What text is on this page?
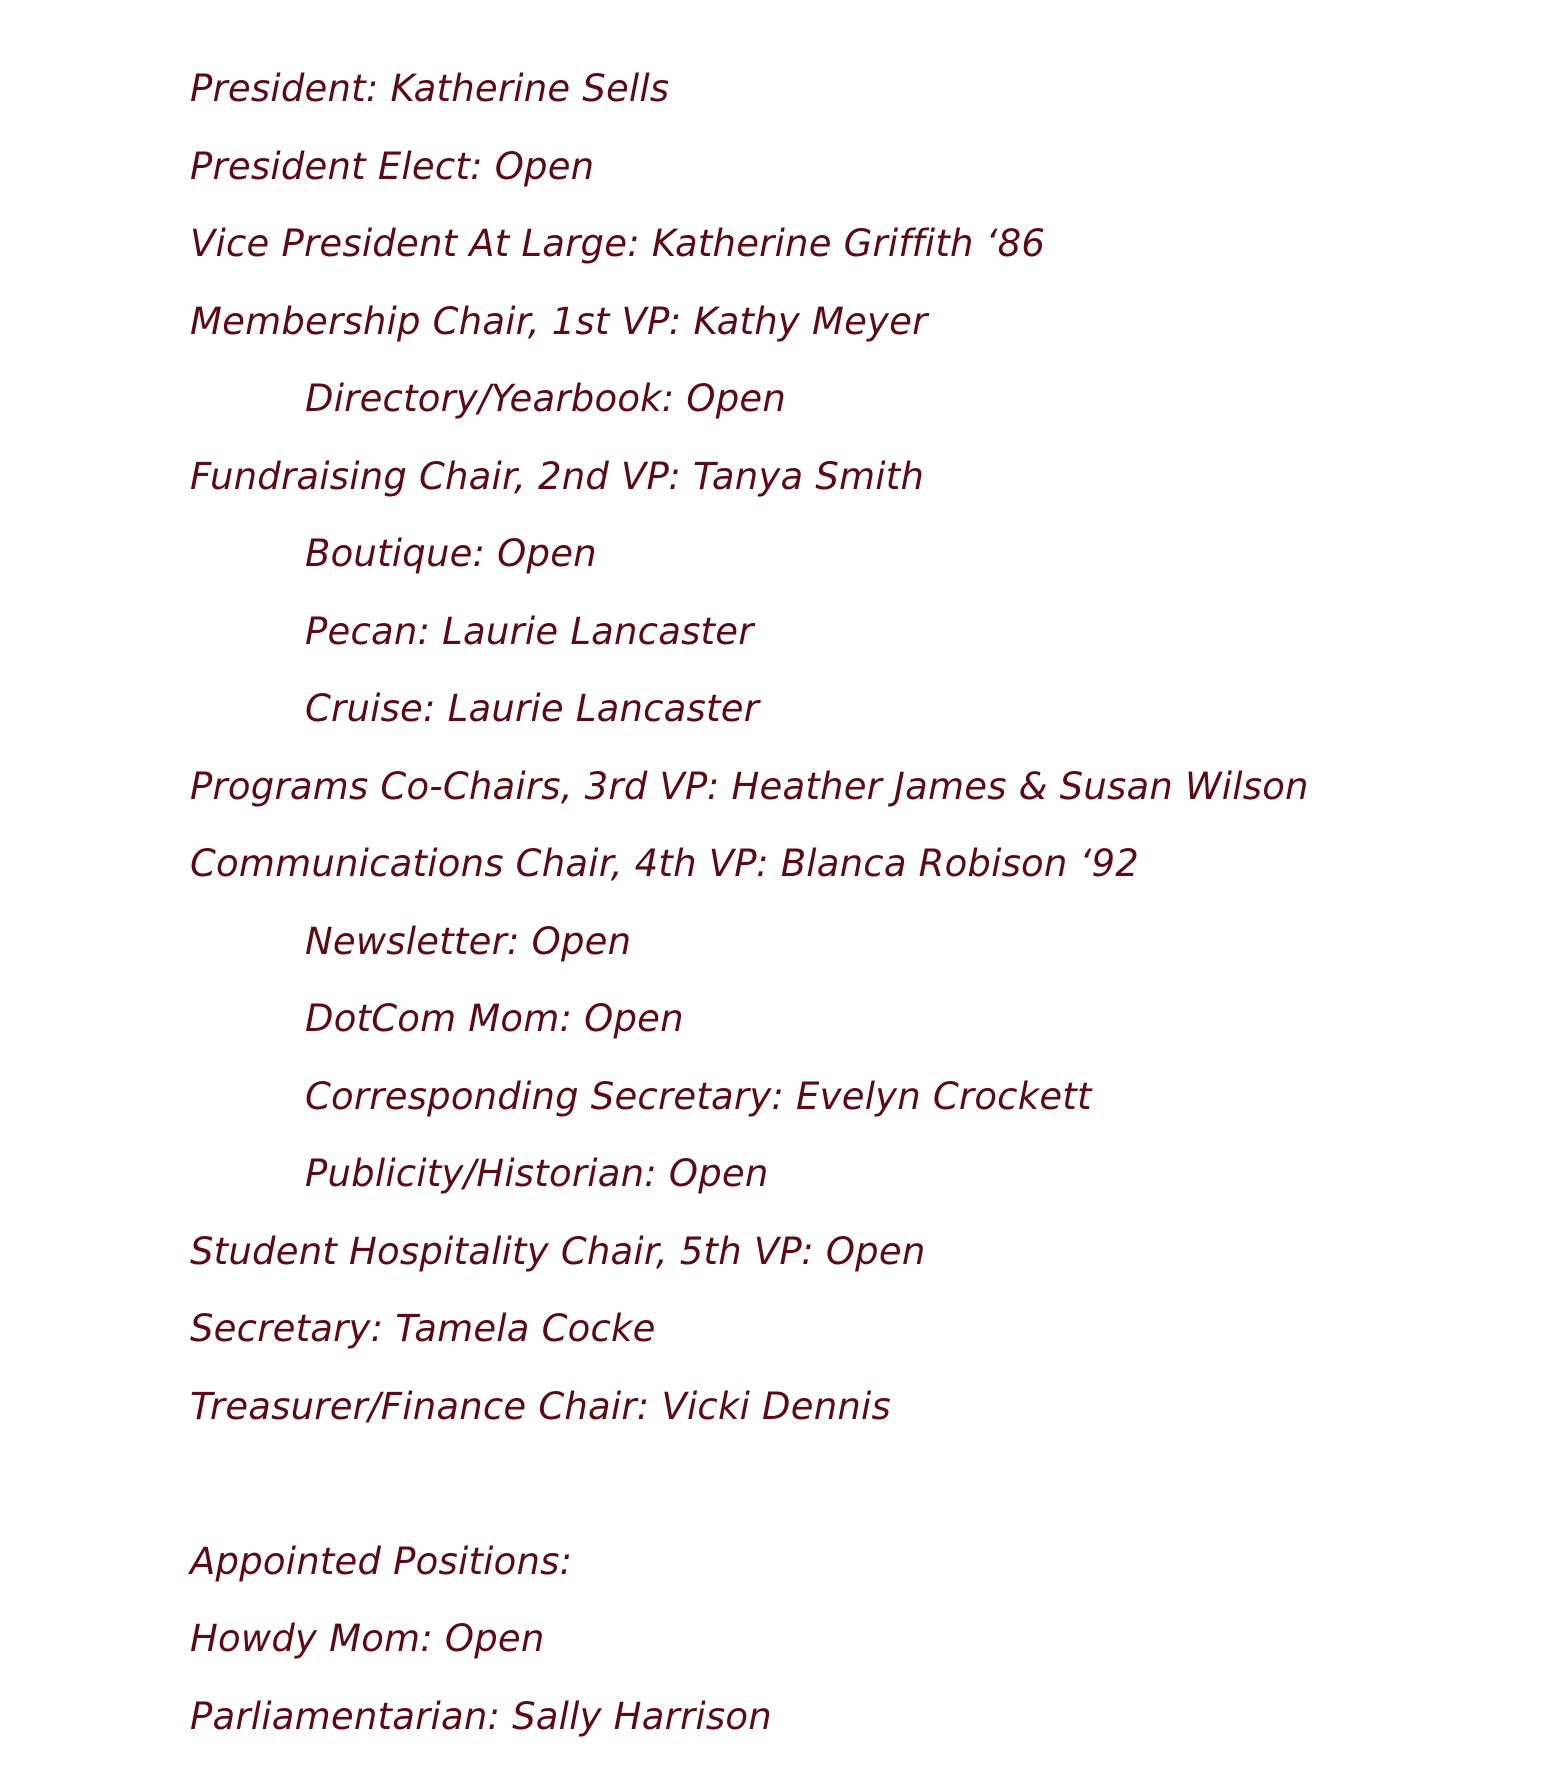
President: Katherine Sells
President Elect: Open
Vice President At Large: Katherine Griffith ‘86
Membership Chair, 1st VP: Kathy Meyer
Directory/Yearbook: Open
Fundraising Chair, 2nd VP: Tanya Smith
Boutique: Open
Pecan: Laurie Lancaster
Cruise: Laurie Lancaster
Programs Co-Chairs, 3rd VP: Heather James & Susan Wilson
Communications Chair, 4th VP: Blanca Robison ‘92
Newsletter: Open
DotCom Mom: Open
Corresponding Secretary: Evelyn Crockett
Publicity/Historian: Open
Student Hospitality Chair, 5th VP: Open
Secretary: Tamela Cocke
Treasurer/Finance Chair: Vicki Dennis
Appointed Positions:
Howdy Mom: Open
Parliamentarian: Sally Harrison
